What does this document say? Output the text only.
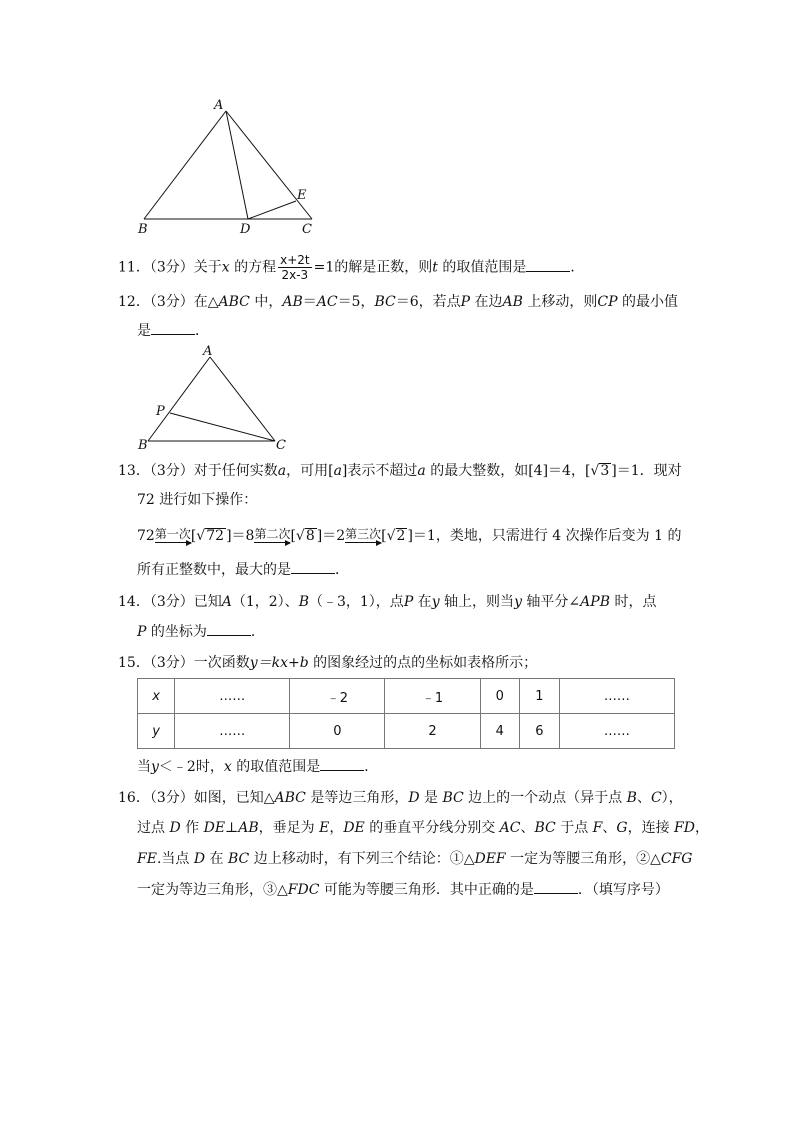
A
B	D	C
E
11．（3分）关于x 的方程 $\frac{x+2t}{2x-3} =1$的解是正数，则t 的取值范围是	．
12．（3分）在△ABC 中，AB＝AC＝5，BC＝6，若点P 在边AB 上移动，则CP 的最小值
是	．
A
P
B	C
13．（3分）对于任何实数a，可用[a]表示不超过a 的最大整数，如[4]＝4，[√3 ]＝1．现对
72 进行如下操作：
72 第一次 [√72 ]＝8 第二次 [√8 ]＝2 第三次 [√2 ]＝1，类地，只需进行 4 次操作后变为 1 的
所有正整数中，最大的是	．
14．（3分）已知A（1，2）、B（﹣3，1），点P 在y 轴上，则当y 轴平分∠APB 时，点
P 的坐标为	．
15．（3分）一次函数y＝kx+b 的图象经过的点的坐标如表格所示；
x	……	﹣2	﹣1	0	1	……
y	……	0	2	4	6	……
当y＜﹣2时，x 的取值范围是	．
16．（3分）如图，已知△ABC 是等边三角形，D 是 BC 边上的一个动点（异于点 B、C），
过点 D 作 DE⊥AB，垂足为 E，DE 的垂直平分线分别交 AC、BC 于点 F、G，连接 FD，
FE.当点 D 在 BC 边上移动时，有下列三个结论：①△DEF 一定为等腰三角形，②△CFG
一定为等边三角形，③△FDC 可能为等腰三角形．其中正确的是	．（填写序号）
